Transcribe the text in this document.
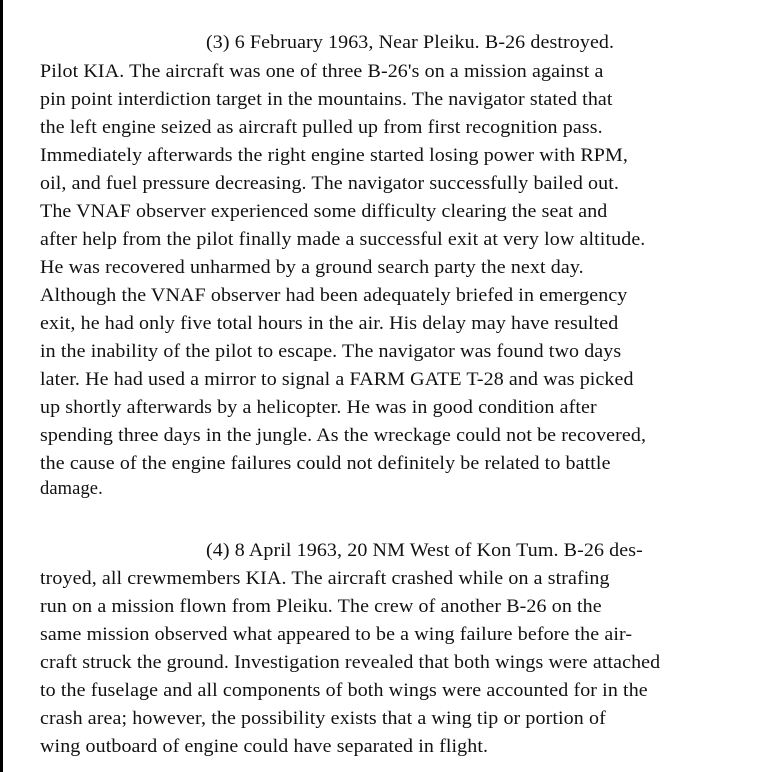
(3) 6 February 1963, Near Pleiku. B-26 destroyed.
Pilot KIA. The aircraft was one of three B-26's on a mission against a
pin point interdiction target in the mountains. The navigator stated that
the left engine seized as aircraft pulled up from first recognition pass.
Immediately afterwards the right engine started losing power with RPM,
oil, and fuel pressure decreasing. The navigator successfully bailed out.
The VNAF observer experienced some difficulty clearing the seat and
after help from the pilot finally made a successful exit at very low altitude.
He was recovered unharmed by a ground search party the next day.
Although the VNAF observer had been adequately briefed in emergency
exit, he had only five total hours in the air. His delay may have resulted
in the inability of the pilot to escape. The navigator was found two days
later. He had used a mirror to signal a FARM GATE T-28 and was picked
up shortly afterwards by a helicopter. He was in good condition after
spending three days in the jungle. As the wreckage could not be recovered,
the cause of the engine failures could not definitely be related to battle
damage.
(4) 8 April 1963, 20 NM West of Kon Tum. B-26 des-
troyed, all crewmembers KIA. The aircraft crashed while on a strafing
run on a mission flown from Pleiku. The crew of another B-26 on the
same mission observed what appeared to be a wing failure before the air-
craft struck the ground. Investigation revealed that both wings were attached
to the fuselage and all components of both wings were accounted for in the
crash area; however, the possibility exists that a wing tip or portion of
wing outboard of engine could have separated in flight.
